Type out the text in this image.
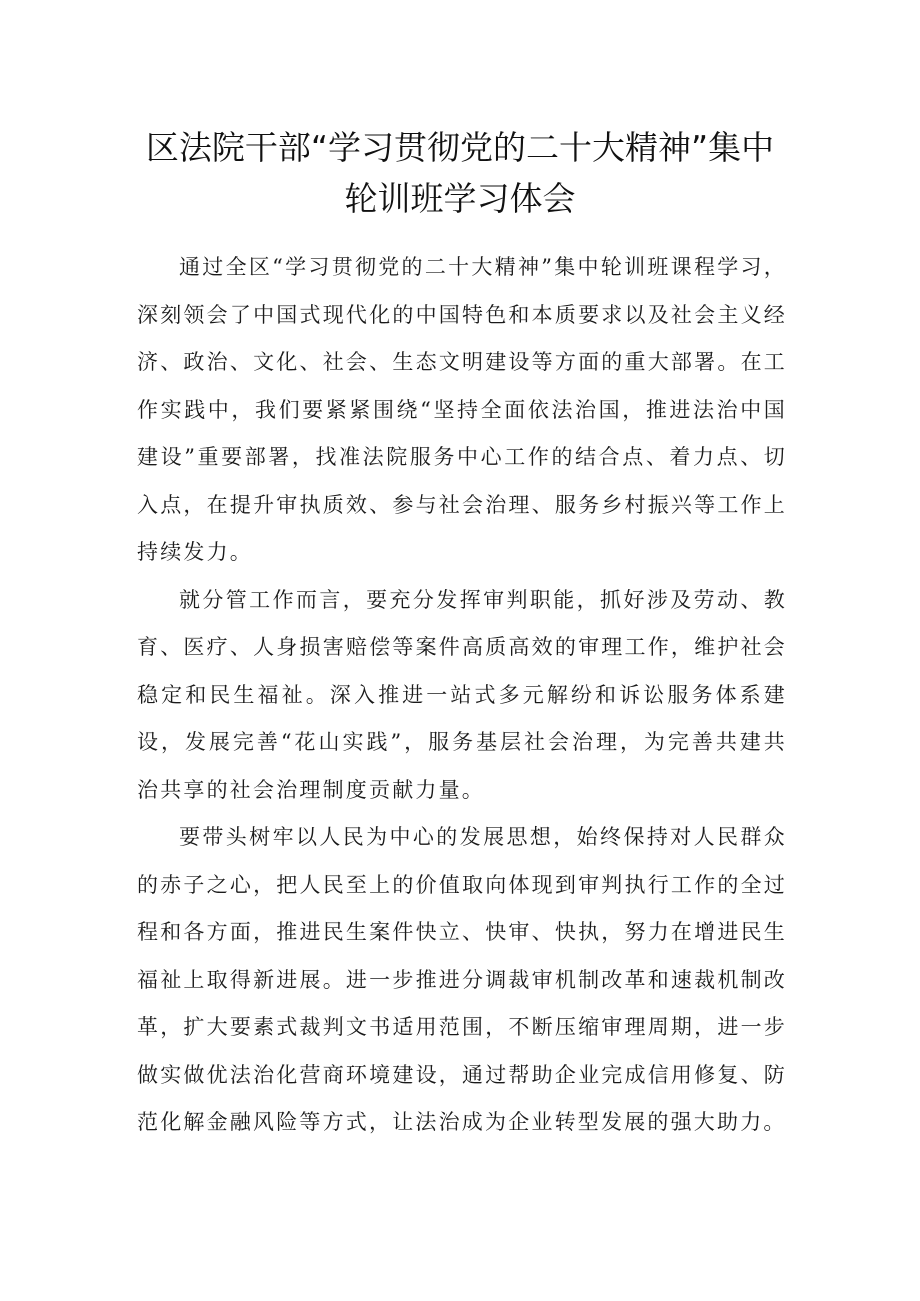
区法院干部“学习贯彻党的二十大精神”集中
轮训班学习体会

通过全区“学习贯彻党的二十大精神”集中轮训班课程学习，深刻领会了中国式现代化的中国特色和本质要求以及社会主义经济、政治、文化、社会、生态文明建设等方面的重大部署。在工作实践中，我们要紧紧围绕“坚持全面依法治国，推进法治中国建设”重要部署，找准法院服务中心工作的结合点、着力点、切入点，在提升审执质效、参与社会治理、服务乡村振兴等工作上持续发力。

就分管工作而言，要充分发挥审判职能，抓好涉及劳动、教育、医疗、人身损害赔偿等案件高质高效的审理工作，维护社会稳定和民生福祉。深入推进一站式多元解纷和诉讼服务体系建设，发展完善“花山实践”，服务基层社会治理，为完善共建共治共享的社会治理制度贡献力量。

要带头树牢以人民为中心的发展思想，始终保持对人民群众的赤子之心，把人民至上的价值取向体现到审判执行工作的全过程和各方面，推进民生案件快立、快审、快执，努力在增进民生福祉上取得新进展。进一步推进分调裁审机制改革和速裁机制改革，扩大要素式裁判文书适用范围，不断压缩审理周期，进一步做实做优法治化营商环境建设，通过帮助企业完成信用修复、防范化解金融风险等方式，让法治成为企业转型发展的强大助力。
